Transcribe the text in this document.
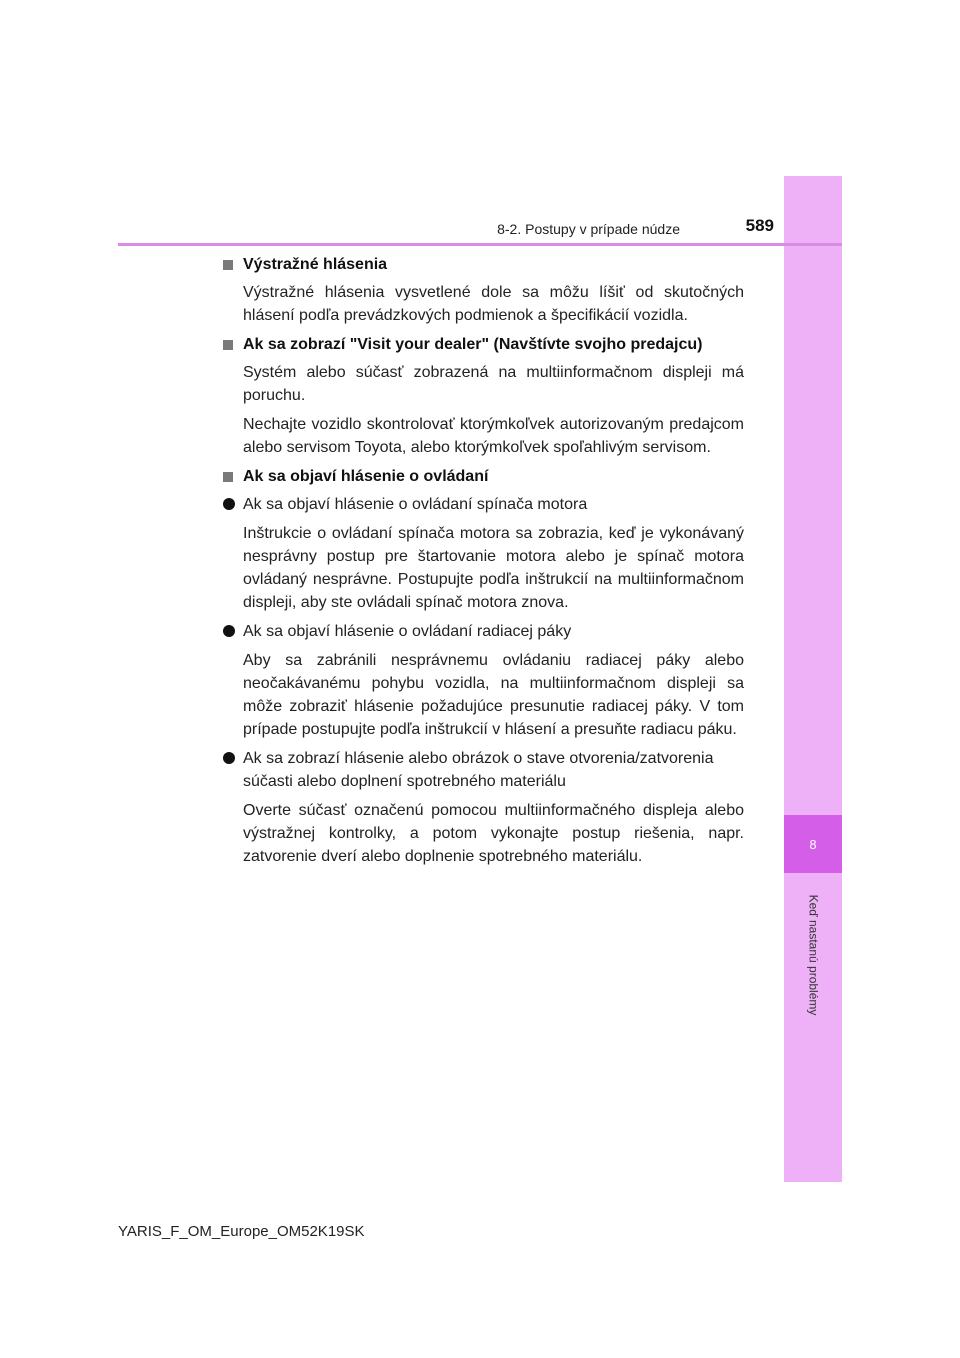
8
Keď nastanú problémy
8-2. Postupy v prípade núdze	589
Výstražné hlásenia
Výstražné hlásenia vysvetlené dole sa môžu líšiť od skutočných hlásení podľa prevádzkových podmienok a špecifikácií vozidla.
Ak sa zobrazí "Visit your dealer" (Navštívte svojho predajcu)
Systém alebo súčasť zobrazená na multiinformačnom displeji má poruchu.
Nechajte vozidlo skontrolovať ktorýmkoľvek autorizovaným predajcom alebo servisom Toyota, alebo ktorýmkoľvek spoľahlivým servisom.
Ak sa objaví hlásenie o ovládaní
Ak sa objaví hlásenie o ovládaní spínača motora
Inštrukcie o ovládaní spínača motora sa zobrazia, keď je vykonávaný nesprávny postup pre štartovanie motora alebo je spínač motora ovládaný nesprávne. Postupujte podľa inštrukcií na multiinformačnom displeji, aby ste ovládali spínač motora znova.
Ak sa objaví hlásenie o ovládaní radiacej páky
Aby sa zabránili nesprávnemu ovládaniu radiacej páky alebo neočakávanému pohybu vozidla, na multiinformačnom displeji sa môže zobraziť hlásenie požadujúce presunutie radiacej páky. V tom prípade postupujte podľa inštrukcií v hlásení a presuňte radiacu páku.
Ak sa zobrazí hlásenie alebo obrázok o stave otvorenia/zatvorenia súčasti alebo doplnení spotrebného materiálu
Overte súčasť označenú pomocou multiinformačného displeja alebo výstražnej kontrolky, a potom vykonajte postup riešenia, napr. zatvorenie dverí alebo doplnenie spotrebného materiálu.
YARIS_F_OM_Europe_OM52K19SK
